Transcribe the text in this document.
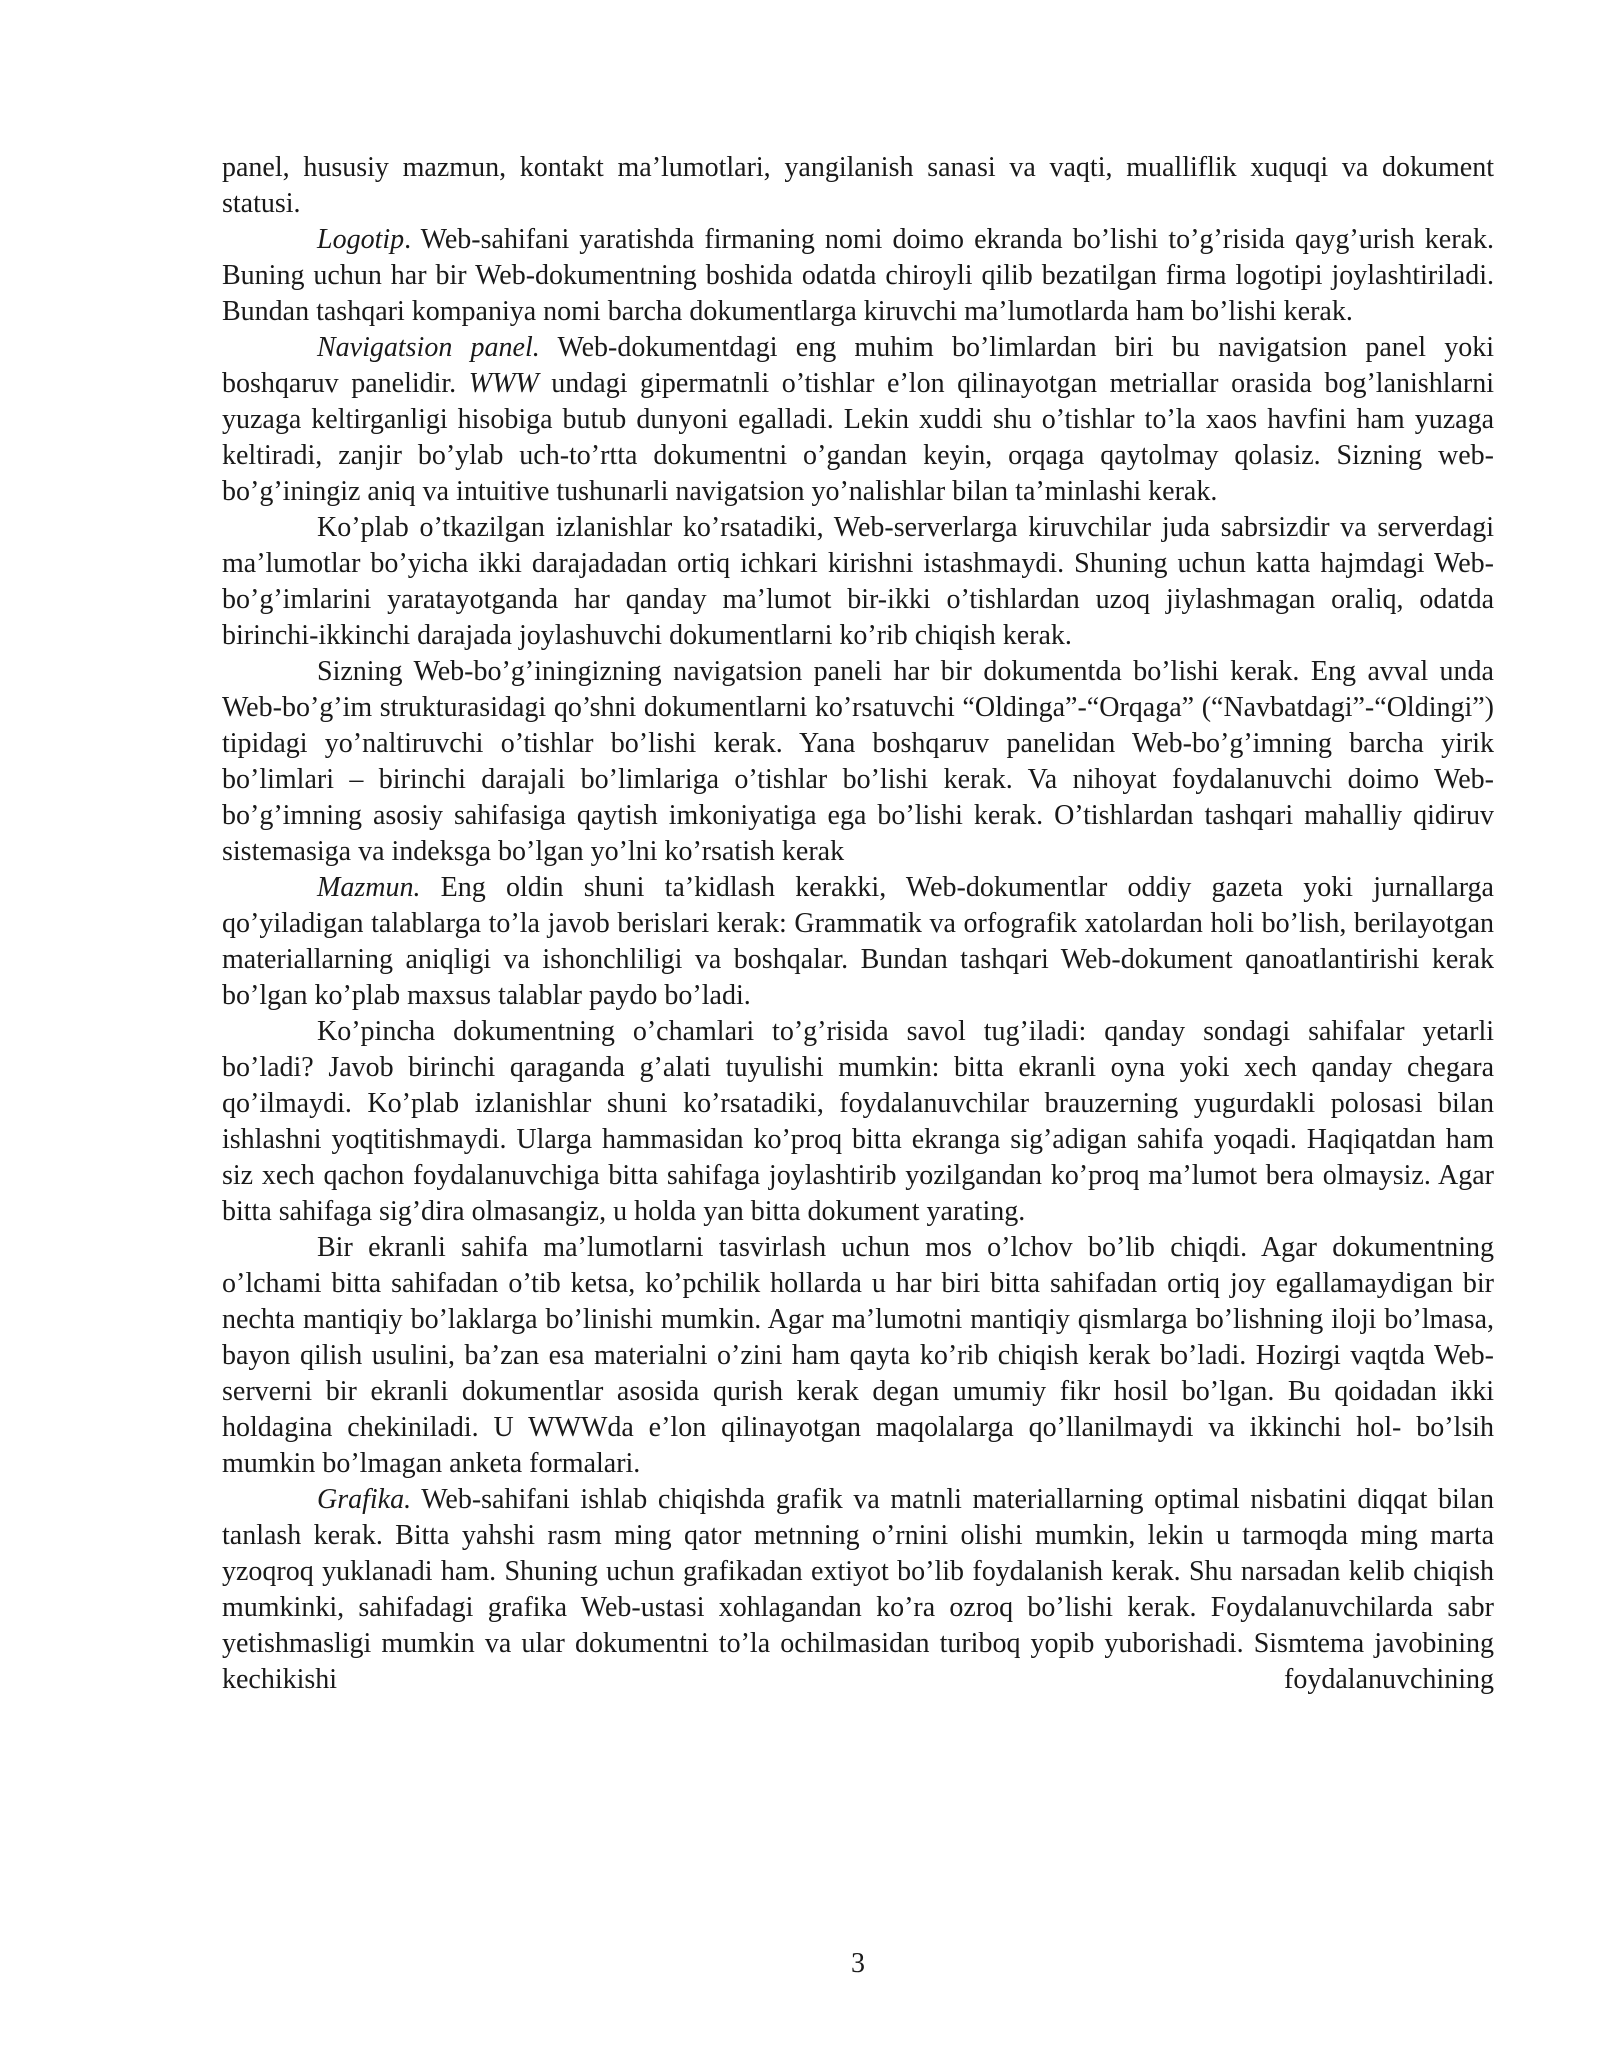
panel, hususiy mazmun, kontakt ma’lumotlari, yangilanish sanasi va vaqti, mualliflik xuquqi va dokument statusi.

Logotip. Web-sahifani yaratishda firmaning nomi doimo ekranda bo’lishi to’g’risida qayg’urish kerak. Buning uchun har bir Web-dokumentning boshida odatda chiroyli qilib bezatilgan firma logotipi joylashtiriladi. Bundan tashqari kompaniya nomi barcha dokumentlarga kiruvchi ma’lumotlarda ham bo’lishi kerak.

Navigatsion panel. Web-dokumentdagi eng muhim bo’limlardan biri bu navigatsion panel yoki boshqaruv panelidir. WWW undagi gipermatnli o’tishlar e’lon qilinayotgan metriallar orasida bog’lanishlarni yuzaga keltirganligi hisobiga butub dunyoni egalladi. Lekin xuddi shu o’tishlar to’la xaos havfini ham yuzaga keltiradi, zanjir bo’ylab uch-to’rtta dokumentni o’gandan keyin, orqaga qaytolmay qolasiz. Sizning web-bo’g’iningiz aniq va intuitive tushunarli navigatsion yo’nalishlar bilan ta’minlashi kerak.

Ko’plab o’tkazilgan izlanishlar ko’rsatadiki, Web-serverlarga kiruvchilar juda sabrsizdir va serverdagi ma’lumotlar bo’yicha ikki darajadadan ortiq ichkari kirishni istashmaydi. Shuning uchun katta hajmdagi Web-bo’g’imlarini yaratayotganda har qanday ma’lumot bir-ikki o’tishlardan uzoq jiylashmagan oraliq, odatda birinchi-ikkinchi darajada joylashuvchi dokumentlarni ko’rib chiqish kerak.

Sizning Web-bo’g’iningizning navigatsion paneli har bir dokumentda bo’lishi kerak. Eng avval unda Web-bo’g’im strukturasidagi qo’shni dokumentlarni ko’rsatuvchi “Oldinga”-“Orqaga” (“Navbatdagi”-“Oldingi”) tipidagi yo’naltiruvchi o’tishlar bo’lishi kerak. Yana boshqaruv panelidan Web-bo’g’imning barcha yirik bo’limlari – birinchi darajali bo’limlariga o’tishlar bo’lishi kerak. Va nihoyat foydalanuvchi doimo Web-bo’g’imning asosiy sahifasiga qaytish imkoniyatiga ega bo’lishi kerak. O’tishlardan tashqari mahalliy qidiruv sistemasiga va indeksga bo’lgan yo’lni ko’rsatish kerak

Mazmun. Eng oldin shuni ta’kidlash kerakki, Web-dokumentlar oddiy gazeta yoki jurnallarga qo’yiladigan talablarga to’la javob berislari kerak: Grammatik va orfografik xatolardan holi bo’lish, berilayotgan materiallarning aniqligi va ishonchliligi va boshqalar. Bundan tashqari Web-dokument qanoatlantirishi kerak bo’lgan ko’plab maxsus talablar paydo bo’ladi.

Ko’pincha dokumentning o’chamlari to’g’risida savol tug’iladi: qanday sondagi sahifalar yetarli bo’ladi? Javob birinchi qaraganda g’alati tuyulishi mumkin: bitta ekranli oyna yoki xech qanday chegara qo’ilmaydi. Ko’plab izlanishlar shuni ko’rsatadiki, foydalanuvchilar brauzerning yugurdakli polosasi bilan ishlashni yoqtitishmaydi. Ularga hammasidan ko’proq bitta ekranga sig’adigan sahifa yoqadi. Haqiqatdan ham siz xech qachon foydalanuvchiga bitta sahifaga joylashtirib yozilgandan ko’proq ma’lumot bera olmaysiz. Agar bitta sahifaga sig’dira olmasangiz, u holda yan bitta dokument yarating.

Bir ekranli sahifa ma’lumotlarni tasvirlash uchun mos o’lchov bo’lib chiqdi. Agar dokumentning o’lchami bitta sahifadan o’tib ketsa, ko’pchilik hollarda u har biri bitta sahifadan ortiq joy egallamaydigan bir nechta mantiqiy bo’laklarga bo’linishi mumkin. Agar ma’lumotni mantiqiy qismlarga bo’lishning iloji bo’lmasa, bayon qilish usulini, ba’zan esa materialni o’zini ham qayta ko’rib chiqish kerak bo’ladi. Hozirgi vaqtda Web-serverni bir ekranli dokumentlar asosida qurish kerak degan umumiy fikr hosil bo’lgan. Bu qoidadan ikki holdagina chekiniladi. U WWWda e’lon qilinayotgan maqolalarga qo’llanilmaydi va ikkinchi hol- bo’lsih mumkin bo’lmagan anketa formalari.

Grafika. Web-sahifani ishlab chiqishda grafik va matnli materiallarning optimal nisbatini diqqat bilan tanlash kerak. Bitta yahshi rasm ming qator metnning o’rnini olishi mumkin, lekin u tarmoqda ming marta yzoqroq yuklanadi ham. Shuning uchun grafikadan extiyot bo’lib foydalanish kerak. Shu narsadan kelib chiqish mumkinki, sahifadagi grafika Web-ustasi xohlagandan ko’ra ozroq bo’lishi kerak. Foydalanuvchilarda sabr yetishmasligi mumkin va ular dokumentni to’la ochilmasidan turiboq yopib yuborishadi. Sismtema javobining kechikishi foydalanuvchining

3
